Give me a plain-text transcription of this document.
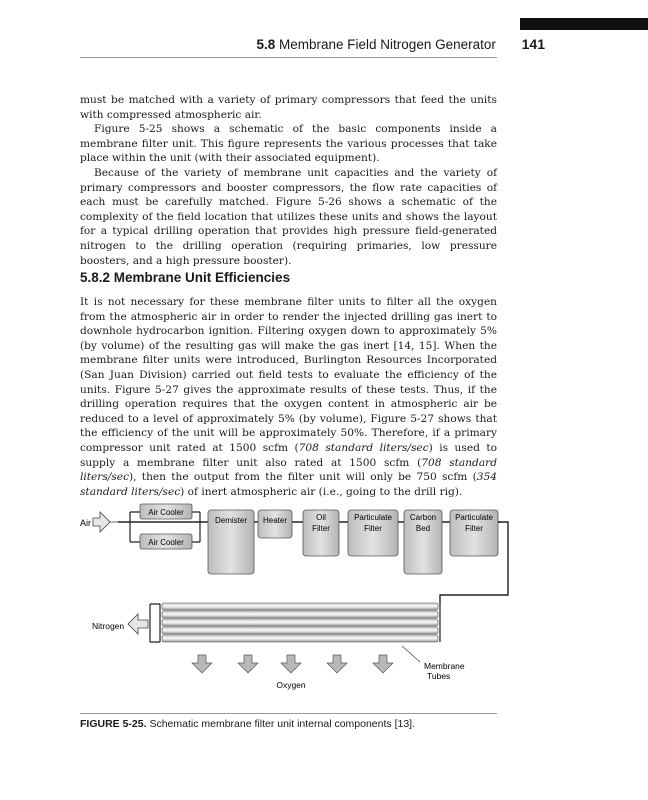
5.8 Membrane Field Nitrogen Generator 141

must be matched with a variety of primary compressors that feed the units with compressed atmospheric air.

Figure 5-25 shows a schematic of the basic components inside a membrane filter unit. This figure represents the various processes that take place within the unit (with their associated equipment).

Because of the variety of membrane unit capacities and the variety of primary compressors and booster compressors, the flow rate capacities of each must be carefully matched. Figure 5-26 shows a schematic of the complexity of the field location that utilizes these units and shows the layout for a typical drilling operation that provides high pressure field-generated nitrogen to the drilling operation (requiring primaries, low pressure boosters, and a high pressure booster).

5.8.2 Membrane Unit Efficiencies

It is not necessary for these membrane filter units to filter all the oxygen from the atmospheric air in order to render the injected drilling gas inert to downhole hydrocarbon ignition. Filtering oxygen down to approximately 5% (by volume) of the resulting gas will make the gas inert [14, 15]. When the membrane filter units were introduced, Burlington Resources Incorporated (San Juan Division) carried out field tests to evaluate the efficiency of the units. Figure 5-27 gives the approximate results of these tests. Thus, if the drilling operation requires that the oxygen content in atmospheric air be reduced to a level of approximately 5% (by volume), Figure 5-27 shows that the efficiency of the unit will be approximately 50%. Therefore, if a primary compressor unit rated at 1500 scfm (708 standard liters/sec) is used to supply a membrane filter unit also rated at 1500 scfm (708 standard liters/sec), then the output from the filter unit will only be 750 scfm (354 standard liters/sec) of inert atmospheric air (i.e., going to the drill rig).

Air
Air Cooler
Air Cooler
Demister Heater	Oil
Filter
Particulate
Filter
Carbon
Bed
Particulate
Filter
Nitrogen
Oxygen
Membrane
Tubes
FIGURE 5-25. Schematic membrane filter unit internal components [13].
